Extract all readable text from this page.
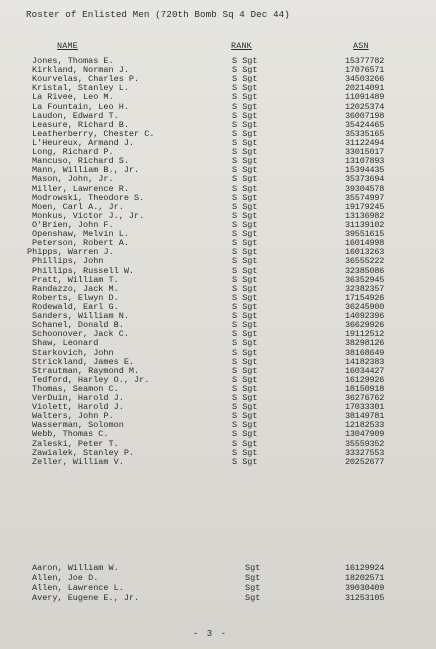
Roster of Enlisted Men (720th Bomb Sq 4 Dec 44)
NAME	RANK	ASN
Jones, Thomas E.	S Sgt	15377782
Kirkland, Norman J.	S Sgt	17076571
Kourvelas, Charles P.	S Sgt	34503266
Kristal, Stanley L.	S Sgt	20214091
La Rivee, Leo M.	S Sgt	11091489
La Fountain, Leo H.	S Sgt	12025374
Laudon, Edward T.	S Sgt	36007198
Leasure, Richard B.	S Sgt	35424465
Leatherberry, Chester C.	S Sgt	35335165
L'Heureux, Armand J.	S Sgt	31122494
Long, Richard P.	S Sgt	33015017
Mancuso, Richard S.	S Sgt	13107893
Mann, William B., Jr.	S Sgt	15394435
Mason, John, Jr.	S Sgt	35373694
Miller, Lawrence R.	S Sgt	39304578
Modrowski, Theodore S.	S Sgt	35574997
Moen, Carl A., Jr.	S Sgt	19179245
Monkus, Victor J., Jr.	S Sgt	13136982
O'Brien, John F.	S Sgt	31139102
Openshaw, Melvin L.	S Sgt	39551615
Peterson, Robert A.	S Sgt	16014998
Phipps, Warren J.	S Sgt	16013263
Phillips, John	S Sgt	36555222
Phillips, Russell W.	S Sgt	32385086
Pratt, William T.	S Sgt	36352945
Randazzo, Jack M.	S Sgt	32382357
Roberts, Elwyn D.	S Sgt	17154926
Rodewald, Earl G.	S Sgt	36245900
Sanders, William N.	S Sgt	14092396
Schanel, Donald B.	S Sgt	36629926
Schoonover, Jack C.	S Sgt	19112512
Shaw, Leonard	S Sgt	38298126
Starkovich, John	S Sgt	38168649
Strickland, James E.	S Sgt	14182383
Strautman, Raymond M.	S Sgt	16034427
Tedford, Harley O., Jr.	S Sgt	16129926
Thomas, Seamon C.	S Sgt	18150918
VerDuin, Harold J.	S Sgt	36276762
Violett, Harold J.	S Sgt	17033301
Walters, John P.	S Sgt	38149781
Wasserman, Solomon	S Sgt	12182533
Webb, Thomas C.	S Sgt	13047909
Zaleski, Peter T.	S Sgt	35559352
Zawialek, Stanley P.	S Sgt	33327553
Zeller, William V.	S Sgt	20252677
Aaron, William W.	Sgt	16129924
Allen, Joe D.	Sgt	18202571
Allen, Lawrence L.	Sgt	39030409
Avery, Eugene E., Jr.	Sgt	31253105
- 3 -
